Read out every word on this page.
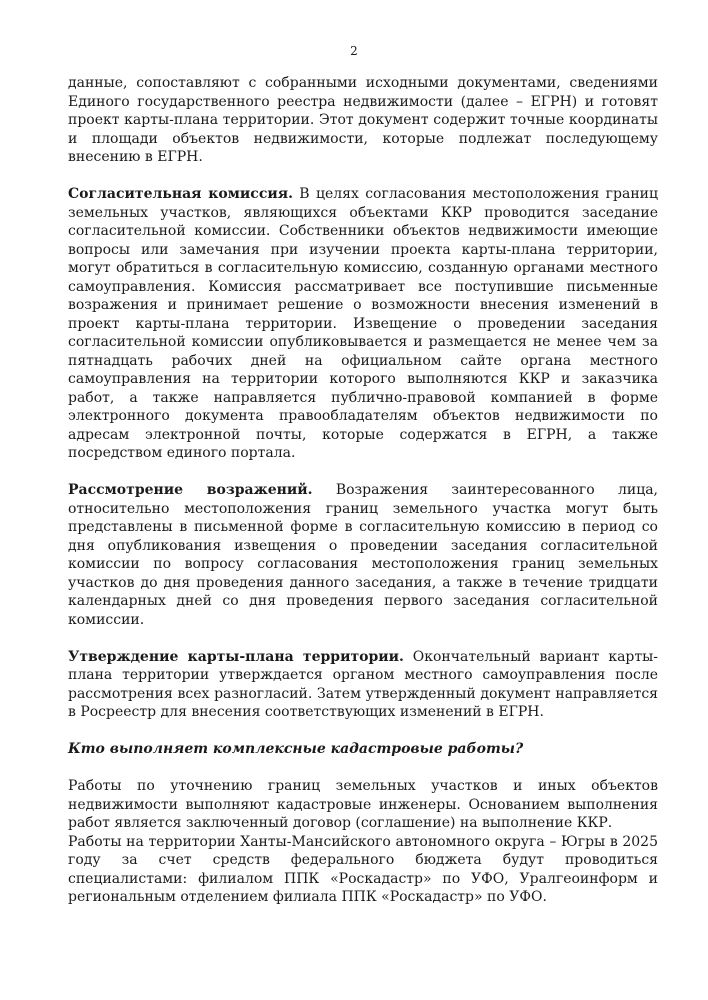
2

данные, сопоставляют с собранными исходными документами, сведениями Единого государственного реестра недвижимости (далее – ЕГРН) и готовят проект карты-плана территории. Этот документ содержит точные координаты и площади объектов недвижимости, которые подлежат последующему внесению в ЕГРН.

Согласительная комиссия. В целях согласования местоположения границ земельных участков, являющихся объектами ККР проводится заседание согласительной комиссии. Собственники объектов недвижимости имеющие вопросы или замечания при изучении проекта карты-плана территории, могут обратиться в согласительную комиссию, созданную органами местного самоуправления. Комиссия рассматривает все поступившие письменные возражения и принимает решение о возможности внесения изменений в проект карты-плана территории. Извещение о проведении заседания согласительной комиссии опубликовывается и размещается не менее чем за пятнадцать рабочих дней на официальном сайте органа местного самоуправления на территории которого выполняются ККР и заказчика работ, а также направляется публично-правовой компанией в форме электронного документа правообладателям объектов недвижимости по адресам электронной почты, которые содержатся в ЕГРН, а также посредством единого портала.

Рассмотрение возражений. Возражения заинтересованного лица, относительно местоположения границ земельного участка могут быть представлены в письменной форме в согласительную комиссию в период со дня опубликования извещения о проведении заседания согласительной комиссии по вопросу согласования местоположения границ земельных участков до дня проведения данного заседания, а также в течение тридцати календарных дней со дня проведения первого заседания согласительной комиссии.

Утверждение карты-плана территории. Окончательный вариант карты-плана территории утверждается органом местного самоуправления после рассмотрения всех разногласий. Затем утвержденный документ направляется в Росреестр для внесения соответствующих изменений в ЕГРН.

Кто выполняет комплексные кадастровые работы?

Работы по уточнению границ земельных участков и иных объектов недвижимости выполняют кадастровые инженеры. Основанием выполнения работ является заключенный договор (соглашение) на выполнение ККР.

Работы на территории Ханты-Мансийского автономного округа – Югры в 2025 году за счет средств федерального бюджета будут проводиться специалистами: филиалом ППК «Роскадастр» по УФО, Уралгеоинформ и региональным отделением филиала ППК «Роскадастр» по УФО.
